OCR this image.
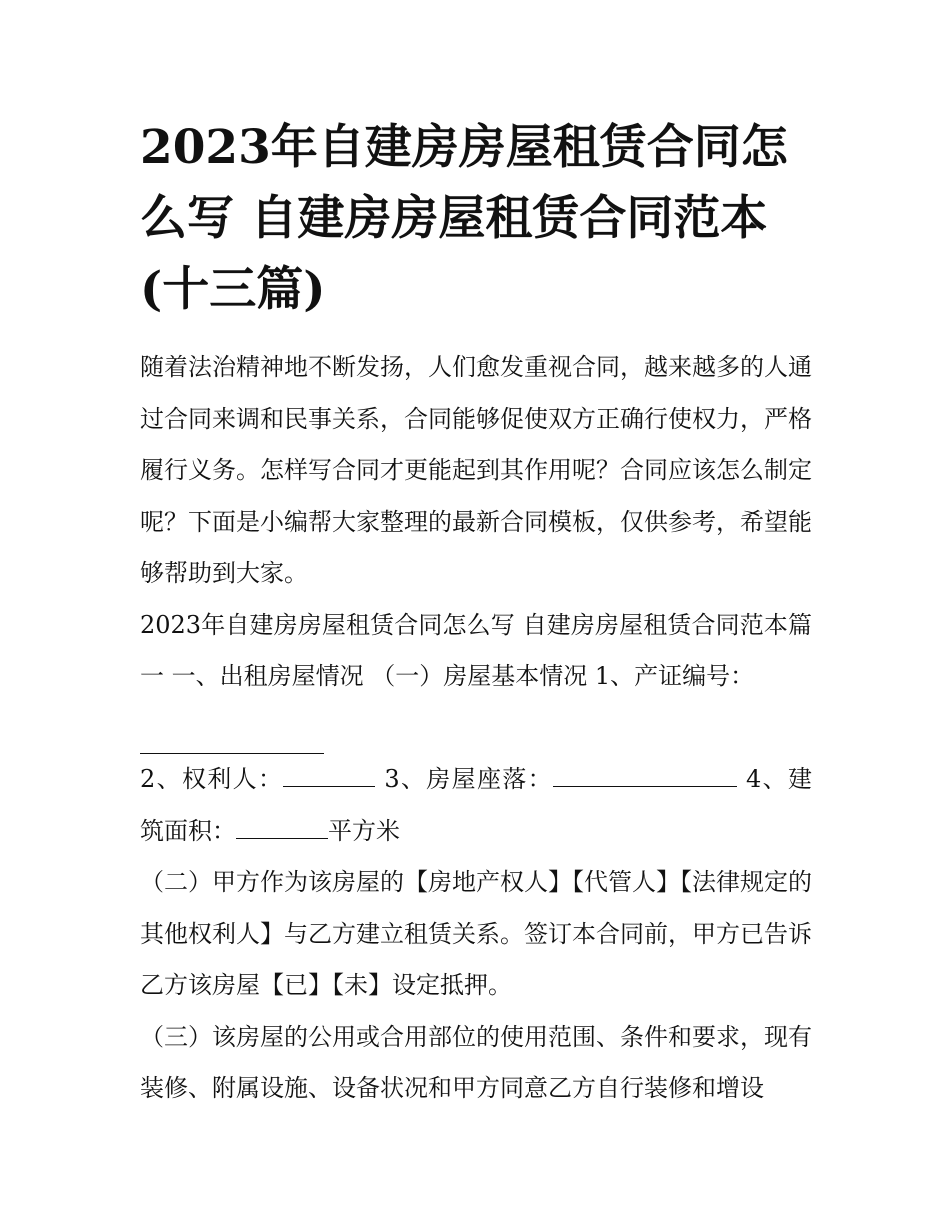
2023年自建房房屋租赁合同怎么写 自建房房屋租赁合同范本(十三篇)

随着法治精神地不断发扬，人们愈发重视合同，越来越多的人通过合同来调和民事关系，合同能够促使双方正确行使权力，严格履行义务。怎样写合同才更能起到其作用呢？合同应该怎么制定呢？下面是小编帮大家整理的最新合同模板，仅供参考，希望能够帮助到大家。

2023年自建房房屋租赁合同怎么写 自建房房屋租赁合同范本篇一 一、出租房屋情况 （一）房屋基本情况 1、产证编号：

2、权利人：	3、房屋座落：	4、建筑面积：	平方米

（二）甲方作为该房屋的【房地产权人】【代管人】【法律规定的其他权利人】与乙方建立租赁关系。签订本合同前，甲方已告诉乙方该房屋【已】【未】设定抵押。

（三）该房屋的公用或合用部位的使用范围、条件和要求，现有装修、附属设施、设备状况和甲方同意乙方自行装修和增设
